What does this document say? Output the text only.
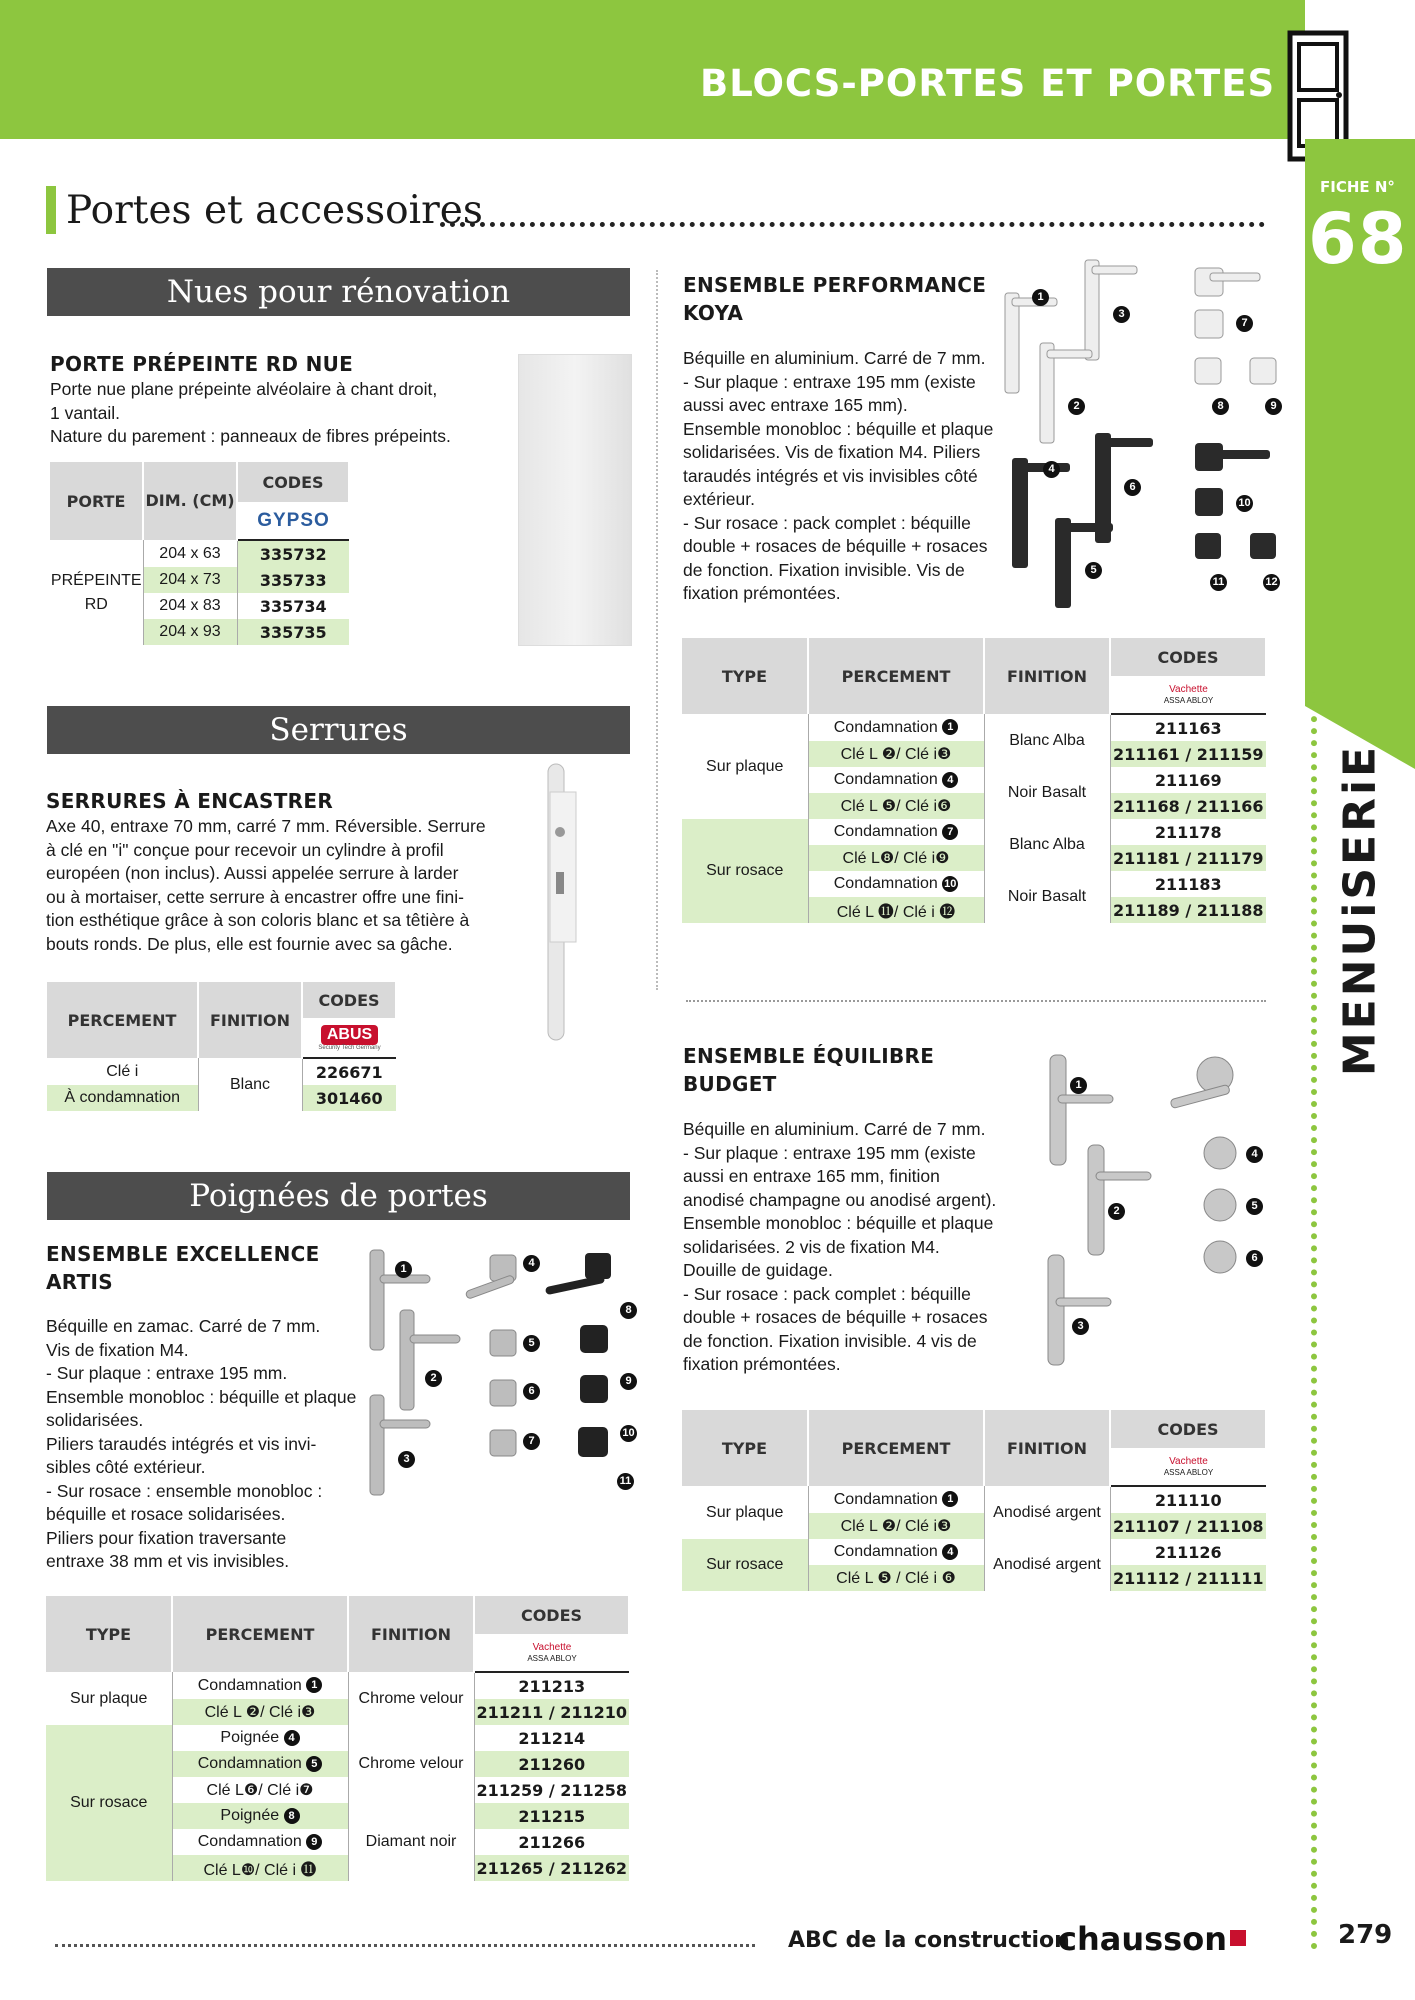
BLOCS-PORTES ET PORTES
FICHE N°
68
MENUiSERiE
Portes et accessoires
Nues pour rénovation
PORTE PRÉPEINTE RD NUE
Porte nue plane prépeinte alvéolaire à chant droit,
1 vantail.
Nature du parement : panneaux de fibres prépeints.
PORTE	DIM. (CM)	CODES
		GYPSO
PRÉPEINTE RD	204 x 63	335732
	204 x 73	335733
	204 x 83	335734
	204 x 93	335735
Serrures
SERRURES À ENCASTRER
Axe 40, entraxe 70 mm, carré 7 mm. Réversible. Serrure
à clé en "i" conçue pour recevoir un cylindre à profil
européen (non inclus). Aussi appelée serrure à larder
ou à mortaiser, cette serrure à encastrer offre une fini-
tion esthétique grâce à son coloris blanc et sa têtière à
bouts ronds. De plus, elle est fournie avec sa gâche.
PERCEMENT	FINITION	CODES
		ABUS
Security Tech Germany

Clé i	Blanc	226671
À condamnation		301460
Poignées de portes
ENSEMBLE EXCELLENCE ARTIS
Béquille en zamac. Carré de 7 mm.
Vis de fixation M4.
- Sur plaque : entraxe 195 mm.
Ensemble monobloc : béquille et plaque
solidarisées.
Piliers taraudés intégrés et vis invi-
sibles côté extérieur.
- Sur rosace : ensemble monobloc :
béquille et rosace solidarisées.
Piliers pour fixation traversante
entraxe 38 mm et vis invisibles.
1
2
3
4
5
6
7
8
9
10
11
TYPE	PERCEMENT	FINITION	CODES

			Vachette
ASSA ABLOY

Sur plaque	Condamnation 1	Chrome velour	211213
	Clé L ❷/ Clé i❸		211211 / 211210
Sur rosace	Poignée 4	Chrome velour	211214
	Condamnation 5		211260
	Clé L❻/ Clé i❼		211259 / 211258
	Poignée 8	Diamant noir	211215
	Condamnation 9		211266
	Clé L❿/ Clé i ⓫		211265 / 211262
ENSEMBLE PERFORMANCE
KOYA
Béquille en aluminium. Carré de 7 mm.
- Sur plaque : entraxe 195 mm (existe
aussi avec entraxe 165 mm).
Ensemble monobloc : béquille et plaque
solidarisées. Vis de fixation M4. Piliers
taraudés intégrés et vis invisibles côté
extérieur.
- Sur rosace : pack complet : béquille
double + rosaces de béquille + rosaces
de fonction. Fixation invisible. Vis de
fixation prémontées.
1
2
3
4
5
6
7
8	9
10
11	12
TYPE	PERCEMENT	FINITION	CODES

			Vachette
ASSA ABLOY

Sur plaque	Condamnation 1	Blanc Alba	211163
	Clé L ❷/ Clé i❸		211161 / 211159
	Condamnation 4	Noir Basalt	211169
	Clé L ❺/ Clé i❻		211168 / 211166
Sur rosace	Condamnation 7	Blanc Alba	211178
	Clé L❽/ Clé i❾		211181 / 211179
	Condamnation 10	Noir Basalt	211183
	Clé L ⓫/ Clé i ⓬		211189 / 211188
ENSEMBLE ÉQUILIBRE
BUDGET
Béquille en aluminium. Carré de 7 mm.
- Sur plaque : entraxe 195 mm (existe
aussi en entraxe 165 mm, finition
anodisé champagne ou anodisé argent).
Ensemble monobloc : béquille et plaque
solidarisées. 2 vis de fixation M4.
Douille de guidage.
- Sur rosace : pack complet : béquille
double + rosaces de béquille + rosaces
de fonction. Fixation invisible. 4 vis de
fixation prémontées.
1
2
3
4
5
6
TYPE	PERCEMENT	FINITION	CODES

			Vachette
ASSA ABLOY

Sur plaque	Condamnation 1	Anodisé argent	211110
	Clé L ❷/ Clé i❸		211107 / 211108
Sur rosace	Condamnation 4	Anodisé argent	211126
	Clé L ❺ / Clé i ❻		211112 / 211111
ABC de la construction
chausson	279
